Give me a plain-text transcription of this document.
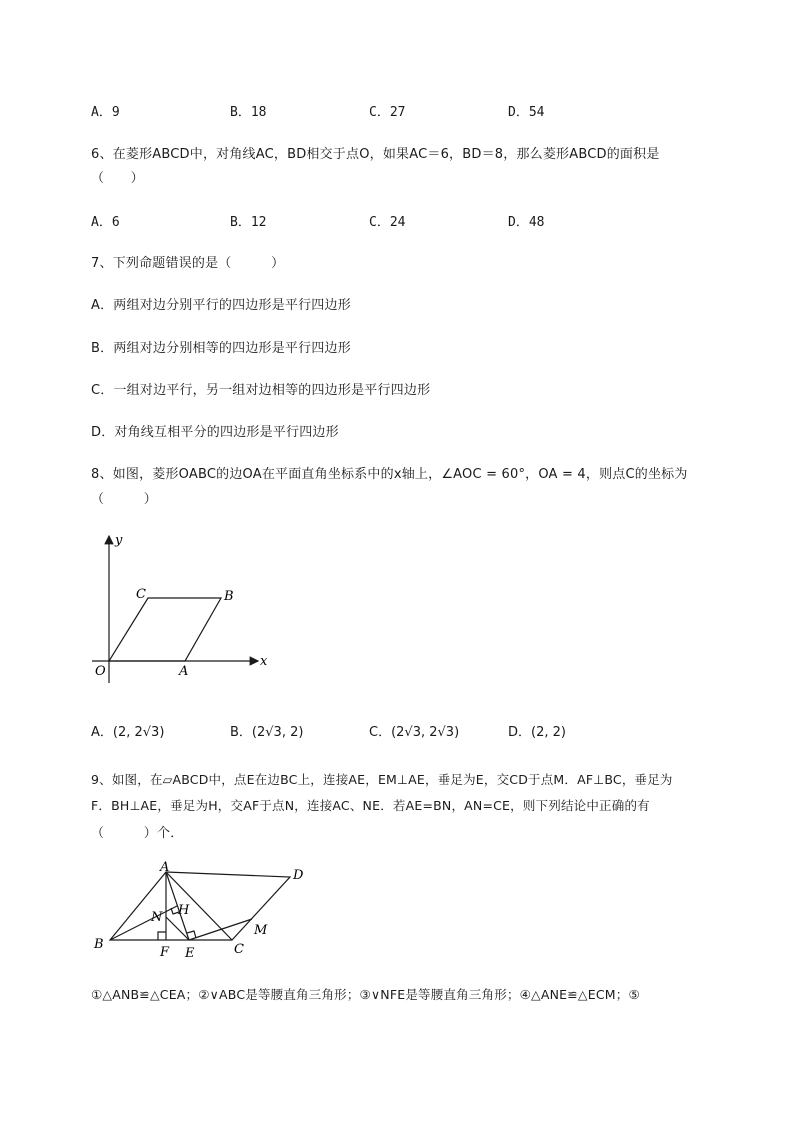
A．9	B．18	C．27	D．54
6、在菱形ABCD中，对角线AC，BD相交于点O，如果AC＝6，BD＝8，那么菱形ABCD的面积是
（　　）
A．6	B．12	C．24	D．48
7、下列命题错误的是（　　　）
A．两组对边分别平行的四边形是平行四边形
B．两组对边分别相等的四边形是平行四边形
C．一组对边平行，另一组对边相等的四边形是平行四边形
D．对角线互相平分的四边形是平行四边形
8、如图，菱形OABC的边OA在平面直角坐标系中的x轴上，∠AOC = 60°，OA = 4，则点C的坐标为
（　　　）
y
x
O	A
B
C
A．(2, 2√3)	B．(2√3, 2)	C．(2√3, 2√3)	D．(2, 2)
9、如图，在▱ABCD中，点E在边BC上，连接AE，EM⊥AE，垂足为E，交CD于点M．AF⊥BC，垂足为
F．BH⊥AE，垂足为H，交AF于点N，连接AC、NE．若AE=BN，AN=CE，则下列结论中正确的有
（　　　）个．
A
D
B	C
M
F E
H
N
①△ANB≌△CEA；②∨ABC是等腰直角三角形；③∨NFE是等腰直角三角形；④△ANE≌△ECM；⑤
